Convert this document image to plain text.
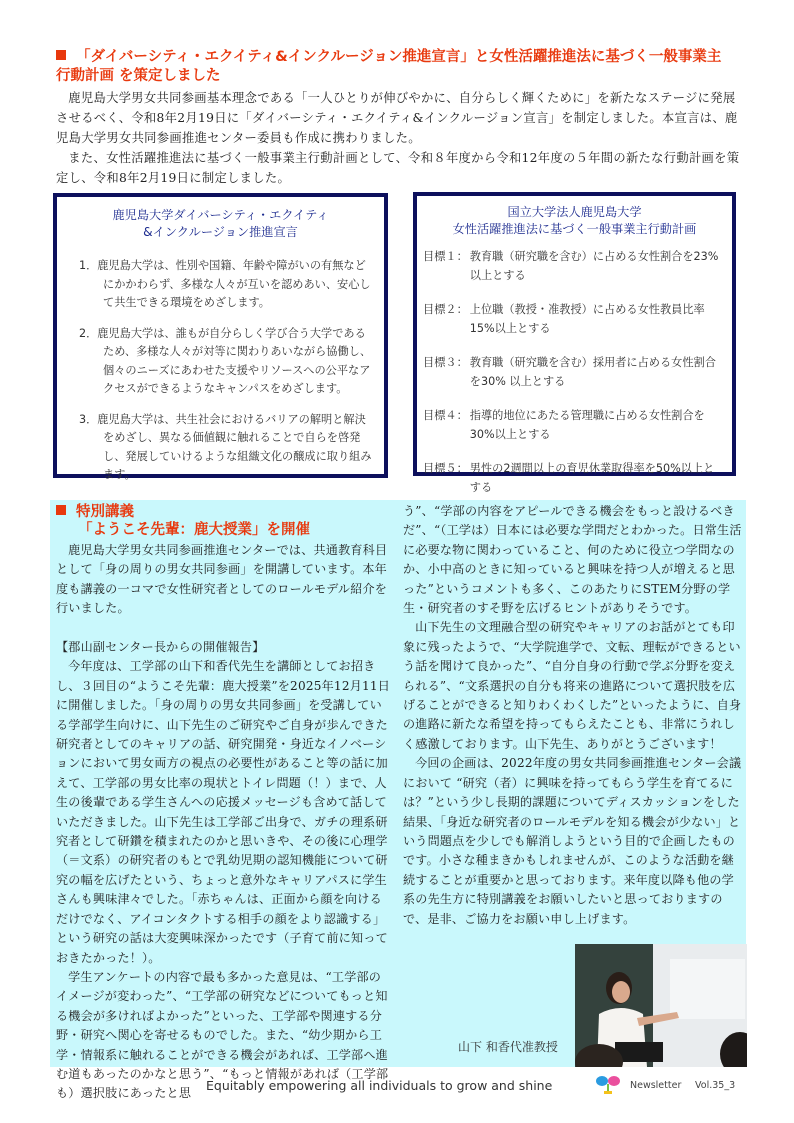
「ダイバーシティ・エクイティ&インクルージョン推進宣言」と女性活躍推進法に基づく一般事業主
行動計画 を策定しました

鹿児島大学男女共同参画基本理念である「一人ひとりが伸びやかに、自分らしく輝くために」を新たなステージに発展させるべく、令和8年2月19日に「ダイバーシティ・エクイティ&インクルージョン宣言」を制定しました。本宣言は、鹿児島大学男女共同参画推進センター委員も作成に携わりました。

また、女性活躍推進法に基づく一般事業主行動計画として、令和８年度から令和12年度の５年間の新たな行動計画を策定し、令和8年2月19日に制定しました。

鹿児島大学ダイバーシティ・エクイティ
&インクルージョン推進宣言
1．鹿児島大学は、性別や国籍、年齢や障がいの有無などにかかわらず、多様な人々が互いを認めあい、安心して共生できる環境をめざします。
2．鹿児島大学は、誰もが自分らしく学び合う大学であるため、多様な人々が対等に関わりあいながら協働し、個々のニーズにあわせた支援やリソースへの公平なアクセスができるようなキャンパスをめざします。
3．鹿児島大学は、共生社会におけるバリアの解明と解決をめざし、異なる価値観に触れることで自らを啓発し、発展していけるような組織文化の醸成に取り組みます。
国立大学法人鹿児島大学
女性活躍推進法に基づく一般事業主行動計画
目標１： 教育職（研究職を含む）に占める女性割合を23% 以上とする
目標２： 上位職（教授・准教授）に占める女性教員比率15%以上とする
目標３： 教育職（研究職を含む）採用者に占める女性割合を30% 以上とする
目標４： 指導的地位にあたる管理職に占める女性割合を30%以上とする
目標５： 男性の2週間以上の育児休業取得率を50%以上とする
特別講義
「ようこそ先輩：鹿大授業」を開催

鹿児島大学男女共同参画推進センターでは、共通教育科目として「身の周りの男女共同参画」を開講しています。本年度も講義の一コマで女性研究者としてのロールモデル紹介を行いました。

【郡山副センター長からの開催報告】

今年度は、工学部の山下和香代先生を講師としてお招きし、３回目の“ようこそ先輩：鹿大授業”を2025年12月11日に開催しました。「身の周りの男女共同参画」を受講している学部学生向けに、山下先生のご研究やご自身が歩んできた研究者としてのキャリアの話、研究開発・身近なイノベーションにおいて男女両方の視点の必要性があること等の話に加えて、工学部の男女比率の現状とトイレ問題（！）まで、人生の後輩である学生さんへの応援メッセージも含めて話していただきました。山下先生は工学部ご出身で、ガチの理系研究者として研鑽を積まれたのかと思いきや、その後に心理学（＝文系）の研究者のもとで乳幼児期の認知機能について研究の幅を広げたという、ちょっと意外なキャリアパスに学生さんも興味津々でした。「赤ちゃんは、正面から顔を向けるだけでなく、アイコンタクトする相手の顔をより認識する」という研究の話は大変興味深かったです（子育て前に知っておきたかった！）。

学生アンケートの内容で最も多かった意見は、“工学部のイメージが変わった”、“工学部の研究などについてもっと知る機会が多ければよかった”といった、工学部や関連する分野・研究へ関心を寄せるものでした。また、“幼少期から工学・情報系に触れることができる機会があれば、工学部へ進む道もあったのかなと思う”、“もっと情報があれば（工学部も）選択肢にあったと思

う”、“学部の内容をアピールできる機会をもっと設けるべきだ”、“（工学は）日本には必要な学問だとわかった。日常生活に必要な物に関わっていること、何のために役立つ学問なのか、小中高のときに知っていると興味を持つ人が増えると思った”というコメントも多く、このあたりにSTEM分野の学生・研究者のすそ野を広げるヒントがありそうです。

山下先生の文理融合型の研究やキャリアのお話がとても印象に残ったようで、“大学院進学で、文転、理転ができるという話を聞けて良かった”、“自分自身の行動で学ぶ分野を変えられる”、“文系選択の自分も将来の進路について選択肢を広げることができると知りわくわくした”といったように、自身の進路に新たな希望を持ってもらえたことも、非常にうれしく感激しております。山下先生、ありがとうございます！

今回の企画は、2022年度の男女共同参画推進センター会議において “研究（者）に興味を持ってもらう学生を育てるには？”という少し長期的課題についてディスカッションをした結果、「身近な研究者のロールモデルを知る機会が少ない」という問題点を少しでも解消しようという目的で企画したものです。小さな種まきかもしれませんが、このような活動を継続することが重要かと思っております。来年度以降も他の学系の先生方に特別講義をお願いしたいと思っておりますので、是非、ご協力をお願い申し上げます。

山下 和香代准教授
Equitably empowering all individuals to grow and shine	Newsletter Vol.35_3
